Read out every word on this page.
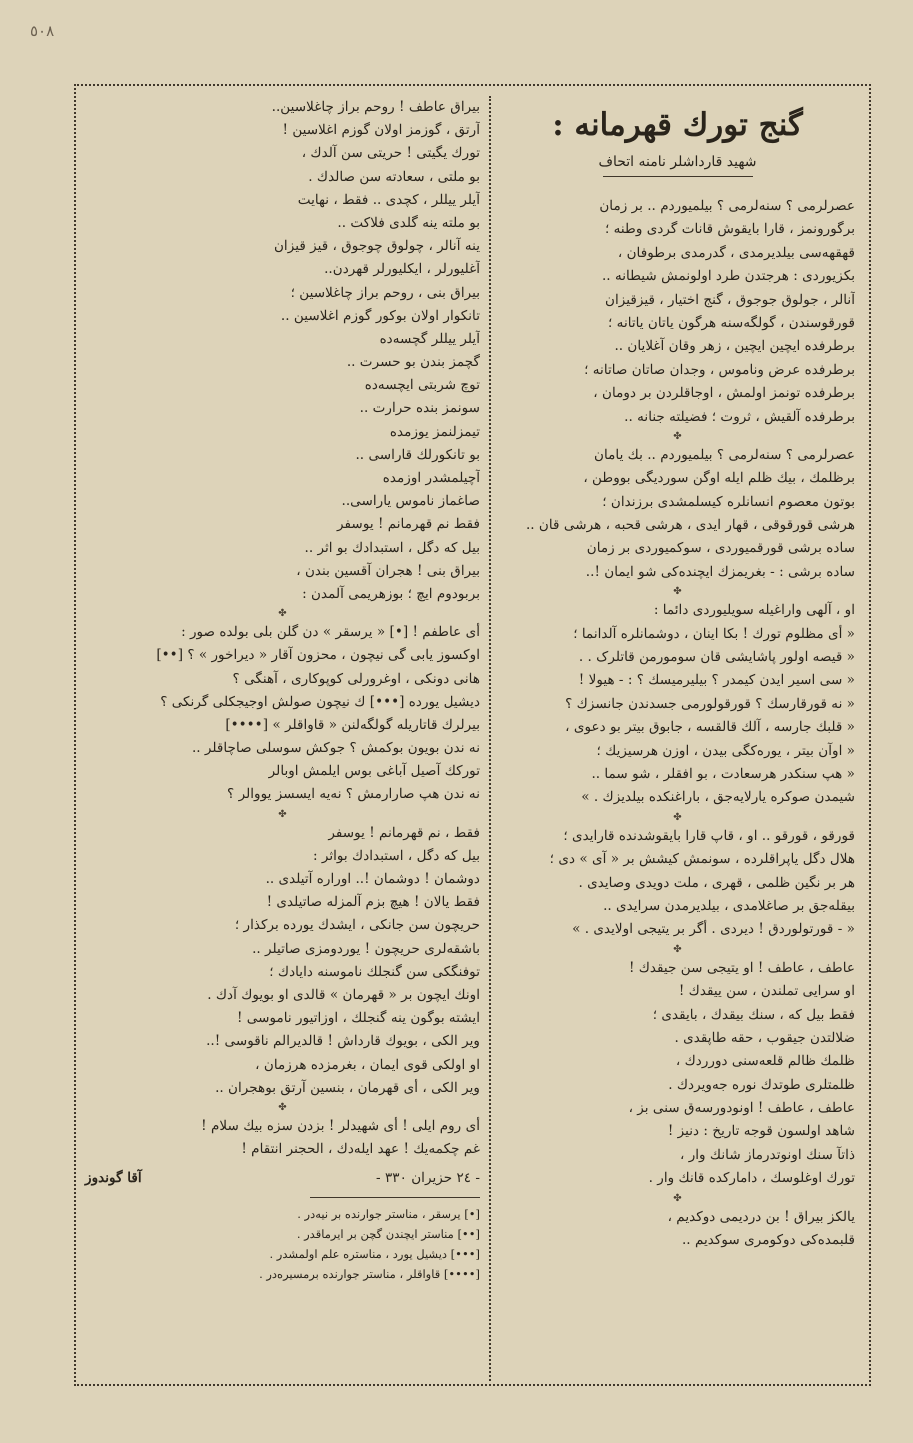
٥٠٨
بیراق عاطف ! روحم براز چاغلاسین..
آرتق ، گوزمز اولان گوزم اغلاسین !
تورك یگیتی ! حریتی سن آلدك ،
بو ملتی ، سعادته سن صالدك .
آیلر ییللر ، کچدی .. فقط ، نهایت
بو ملته ینه گلدی فلاکت ..
ینه آنالر ، چولوق چوجوق ، قیز قیزان
آغلیورلر ، ایکلیورلر قهردن..
بیراق بنی ، روحم براز چاغلاسین ؛
تانکوار اولان بوکور گوزم اغلاسین ..
آیلر ییللر گچسه‌ده
گچمز بندن بو حسرت ..
توچ شربتی ایچسه‌ده
سونمز بنده حرارت ..
تیمزلنمز یوزمده
بو تانکورلك قاراسی ..
آچیلمشدر اوزمده
صاغماز ناموس یاراسی..
فقط نم قهرمانم ! یوسفر
بیل که دگل ، استبدادك بو اثر ..
بیراق بنی ! هجران آقسین بندن ،
بربودوم ایچ ؛ بوزهریمی آلمدن :
✤
أی عاطفم ! [•] « یرسقر » دن گلن بلی بولده صور :
اوکسوز یابی گی نیچون ، محزون آقار « دیراخور » ؟ [••]
هانی دونکی ، اوغرورلی کوپوکاری ، آهنگی ؟
دیشیل یورده [•••] ك نیچون صولش اوجیجکلی گرنکی ؟
بیرلرك قاتاریله گولگه‌لنن « قاواقلر » [••••]
نه ندن بویون بوکمش ؟ جوکش سوسلی صاچاقلر ..
تورکك آصیل آباغی بوس ایلمش اوبالر
نه ندن هپ صارارمش ؟ نه‌یه ایسسز یووالر ؟
✤
فقط ، نم قهرمانم ! یوسفر
بیل که دگل ، استبدادك بواثر :
دوشمان ! دوشمان !.. اوراره آتیلدی ..
فقط یالان ! هیچ بزم آلمزله صاتیلدی !
حریچون سن جانکی ، ایشدك یورده برکذار ؛
باشقه‌لری حریچون ! یوردومزی صاتیلر ..
توفنگکی سن گنجلك ناموسنه دایادك ؛
اونك ایچون بر « قهرمان » قالدی او بویوك آدك .
ایشته بوگون ینه گنجلك ، اوزاتیور ناموسی !
ویر الکی ، بویوك قارداش ! قالدیرالم ناقوسی !..
او اولکی قوی ایمان ، بغرمزده هرزمان ،
ویر الکی ، أی قهرمان ، بنسین آرتق بوهجران ..
✤
أی روم ایلی ! أی شهیدلر ! بزدن سزه بیك سلام !
غم چکمه‌یك ! عهد ایله‌دك ، الحجنر انتقام !
- ۲٤ حزیران ۳۳۰ -
آقا گوندوز
[•] یرسقر ، مناستر جوارنده بر نیه‌در .
[••] مناستر ایچندن گچن بر ایرماقدر .
[•••] دیشیل یورد ، مناستره علم اولمشدر .
[••••] قاواقلر ، مناستر جوارنده برمسیره‌در .
گنج تورك قهرمانه :
شهید قارداشلر نامنه اتحاف
عصرلرمی ؟ سنه‌لرمی ؟ بیلمیوردم .. بر زمان
برگورونمز ، قارا بایقوش قانات گردی وطنه ؛
قهقهه‌سی بیلدیرمدی ، گدرمدی برطوفان ،
بکزیوردی : هرجتدن طرد اولونمش شیطانه ..
آنالر ، جولوق جوجوق ، گنج اختیار ، قیزقیزان
قورقوسندن ، گولگه‌سنه هرگون یاتان یاتانه ؛
برطرفده ایچین ایچین ، زهر وقان آغلایان ..
برطرفده عرض وناموس ، وجدان صاتان صاتانه ؛
برطرفده تونمز اولمش ، اوجاقلردن بر دومان ،
برطرفده آلقیش ، ثروت ؛ فضیلته جنانه ..
✤
عصرلرمی ؟ سنه‌لرمی ؟ بیلمیوردم .. بك یامان
برظلمك ، بیك ظلم ایله اوگن سوردیگی بووطن ،
بوتون معصوم انسانلره کیسلمشدی برزندان ؛
هرشی قورقوقی ، قهار ایدی ، هرشی قحبه ، هرشی قان ..
ساده برشی قورقمیوردی ، سوکمیوردی بر زمان
ساده برشی : - بغریمزك ایچنده‌کی شو ایمان !..
✤
او ، آلهی واراغیله سویلیوردی دائما :
« أی مظلوم تورك ! بکا اینان ، دوشمانلره آلدانما ؛
« قیصه اولور پاشایشی قان سومورمن قاتلرک . .
« سی اسیر ایدن کیمدر ؟ بیلیرمیسك ؟ : - هیولا !
« نه قورقارسك ؟ قورقولورمی جسدندن جانسزك ؟
« قلبك جارسه ، آلك قالقسه ، جابوق بیتر بو دعوی ،
« اوآن بیتر ، یوره‌کگی بیدن ، اوزن هرسیزیك ؛
« هپ سنکدر هرسعادت ، بو افقلر ، شو سما ..
شیمدن صوکره یارلایه‌جق ، باراغنکده بیلدیزك . »
✤
قورقو ، قورقو .. او ، قاپ قارا بایقوشدنده قارایدی ؛
هلال دگل یاپراقلرده ، سونمش کیشش بر « آی » دی ؛
هر بر نگین ظلمی ، قهری ، ملت دویدی وصایدی .
بیقله‌جق بر صاغلامدی ، بیلدیرمدن سرایدی ..
« - قورتولوردق ! دیردی . أگر بر یتیجی اولایدی . »
✤
عاطف ، عاطف ! او یتیجی سن جیقدك !
او سرایی تملندن ، سن ییقدك !
فقط بیل که ، سنك بیقدك ، بایقدی ؛
ضلالتدن جیقوب ، حقه طاپقدی .
ظلمك ظالم قلعه‌سنی دورردك ،
ظلمتلری طوتدك نوره جه‌ویردك .
عاطف ، عاطف ! اونودورسه‌ق سنی بز ،
شاهد اولسون قوجه تاریخ : دنیز !
ذاتآ سنك اونوتدرماز شانك وار ،
تورك اوغلوسك ، داماركده قانك وار .
✤
یالکز بیراق ! بن دردیمی دوکدیم ،
قلبمده‌کی دوکومری سوکدیم ..
